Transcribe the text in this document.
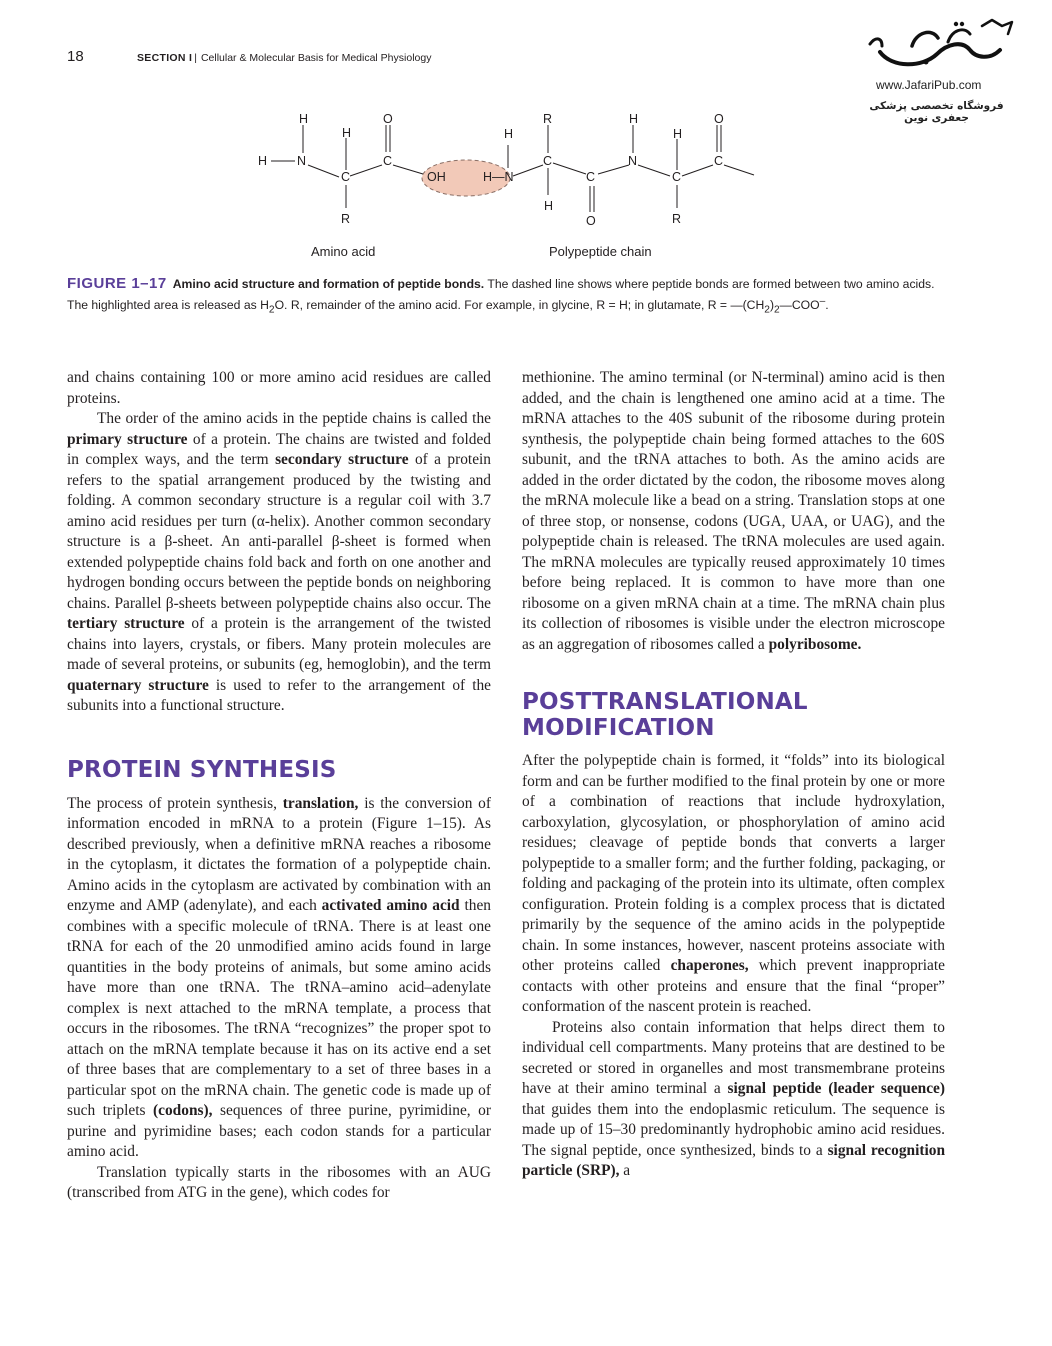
18	SECTION I | Cellular & Molecular Basis for Medical Physiology
www.JafariPub.com
فروشگاه تخصصی پزشکی جعفری نوین
H
H
N
H
C
R
O
C
OH
H
H—N
R
C
H
C
O
H
N
H
C
R
O
C
Amino acid	Polypeptide chain
FIGURE 1–17 Amino acid structure and formation of peptide bonds. The dashed line shows where peptide bonds are formed between two amino acids. The highlighted area is released as $H_2O$. R, remainder of the amino acid. For example, in glycine, R = H; in glutamate, $R = —(CH_2)_2—COO^-$.

and chains containing 100 or more amino acid residues are called proteins.

The order of the amino acids in the peptide chains is called the primary structure of a protein. The chains are twisted and folded in complex ways, and the term secondary structure of a protein refers to the spatial arrangement produced by the twisting and folding. A common secondary structure is a regular coil with 3.7 amino acid residues per turn (α-helix). Another common secondary structure is a β-sheet. An anti-parallel β-sheet is formed when extended polypeptide chains fold back and forth on one another and hydrogen bonding occurs between the peptide bonds on neighboring chains. Parallel β-sheets between polypeptide chains also occur. The tertiary structure of a protein is the arrangement of the twisted chains into layers, crystals, or fibers. Many protein molecules are made of several proteins, or subunits (eg, hemoglobin), and the term quaternary structure is used to refer to the arrangement of the subunits into a functional structure.

PROTEIN SYNTHESIS

The process of protein synthesis, translation, is the conversion of information encoded in mRNA to a protein (Figure 1–15). As described previously, when a definitive mRNA reaches a ribosome in the cytoplasm, it dictates the formation of a polypeptide chain. Amino acids in the cytoplasm are activated by combination with an enzyme and AMP (adenylate), and each activated amino acid then combines with a specific molecule of tRNA. There is at least one tRNA for each of the 20 unmodified amino acids found in large quantities in the body proteins of animals, but some amino acids have more than one tRNA. The tRNA–amino acid–adenylate complex is next attached to the mRNA template, a process that occurs in the ribosomes. The tRNA “recognizes” the proper spot to attach on the mRNA template because it has on its active end a set of three bases that are complementary to a set of three bases in a particular spot on the mRNA chain. The genetic code is made up of such triplets (codons), sequences of three purine, pyrimidine, or purine and pyrimidine bases; each codon stands for a particular amino acid.

Translation typically starts in the ribosomes with an AUG (transcribed from ATG in the gene), which codes for

methionine. The amino terminal (or N-terminal) amino acid is then added, and the chain is lengthened one amino acid at a time. The mRNA attaches to the 40S subunit of the ribosome during protein synthesis, the polypeptide chain being formed attaches to the 60S subunit, and the tRNA attaches to both. As the amino acids are added in the order dictated by the codon, the ribosome moves along the mRNA molecule like a bead on a string. Translation stops at one of three stop, or nonsense, codons (UGA, UAA, or UAG), and the polypeptide chain is released. The tRNA molecules are used again. The mRNA molecules are typically reused approximately 10 times before being replaced. It is common to have more than one ribosome on a given mRNA chain at a time. The mRNA chain plus its collection of ribosomes is visible under the electron microscope as an aggregation of ribosomes called a polyribosome.

POSTTRANSLATIONAL
MODIFICATION

After the polypeptide chain is formed, it “folds” into its biological form and can be further modified to the final protein by one or more of a combination of reactions that include hydroxylation, carboxylation, glycosylation, or phosphorylation of amino acid residues; cleavage of peptide bonds that converts a larger polypeptide to a smaller form; and the further folding, packaging, or folding and packaging of the protein into its ultimate, often complex configuration. Protein folding is a complex process that is dictated primarily by the sequence of the amino acids in the polypeptide chain. In some instances, however, nascent proteins associate with other proteins called chaperones, which prevent inappropriate contacts with other proteins and ensure that the final “proper” conformation of the nascent protein is reached.

Proteins also contain information that helps direct them to individual cell compartments. Many proteins that are destined to be secreted or stored in organelles and most transmembrane proteins have at their amino terminal a signal peptide (leader sequence) that guides them into the endoplasmic reticulum. The sequence is made up of 15–30 predominantly hydrophobic amino acid residues. The signal peptide, once synthesized, binds to a signal recognition particle (SRP), a
